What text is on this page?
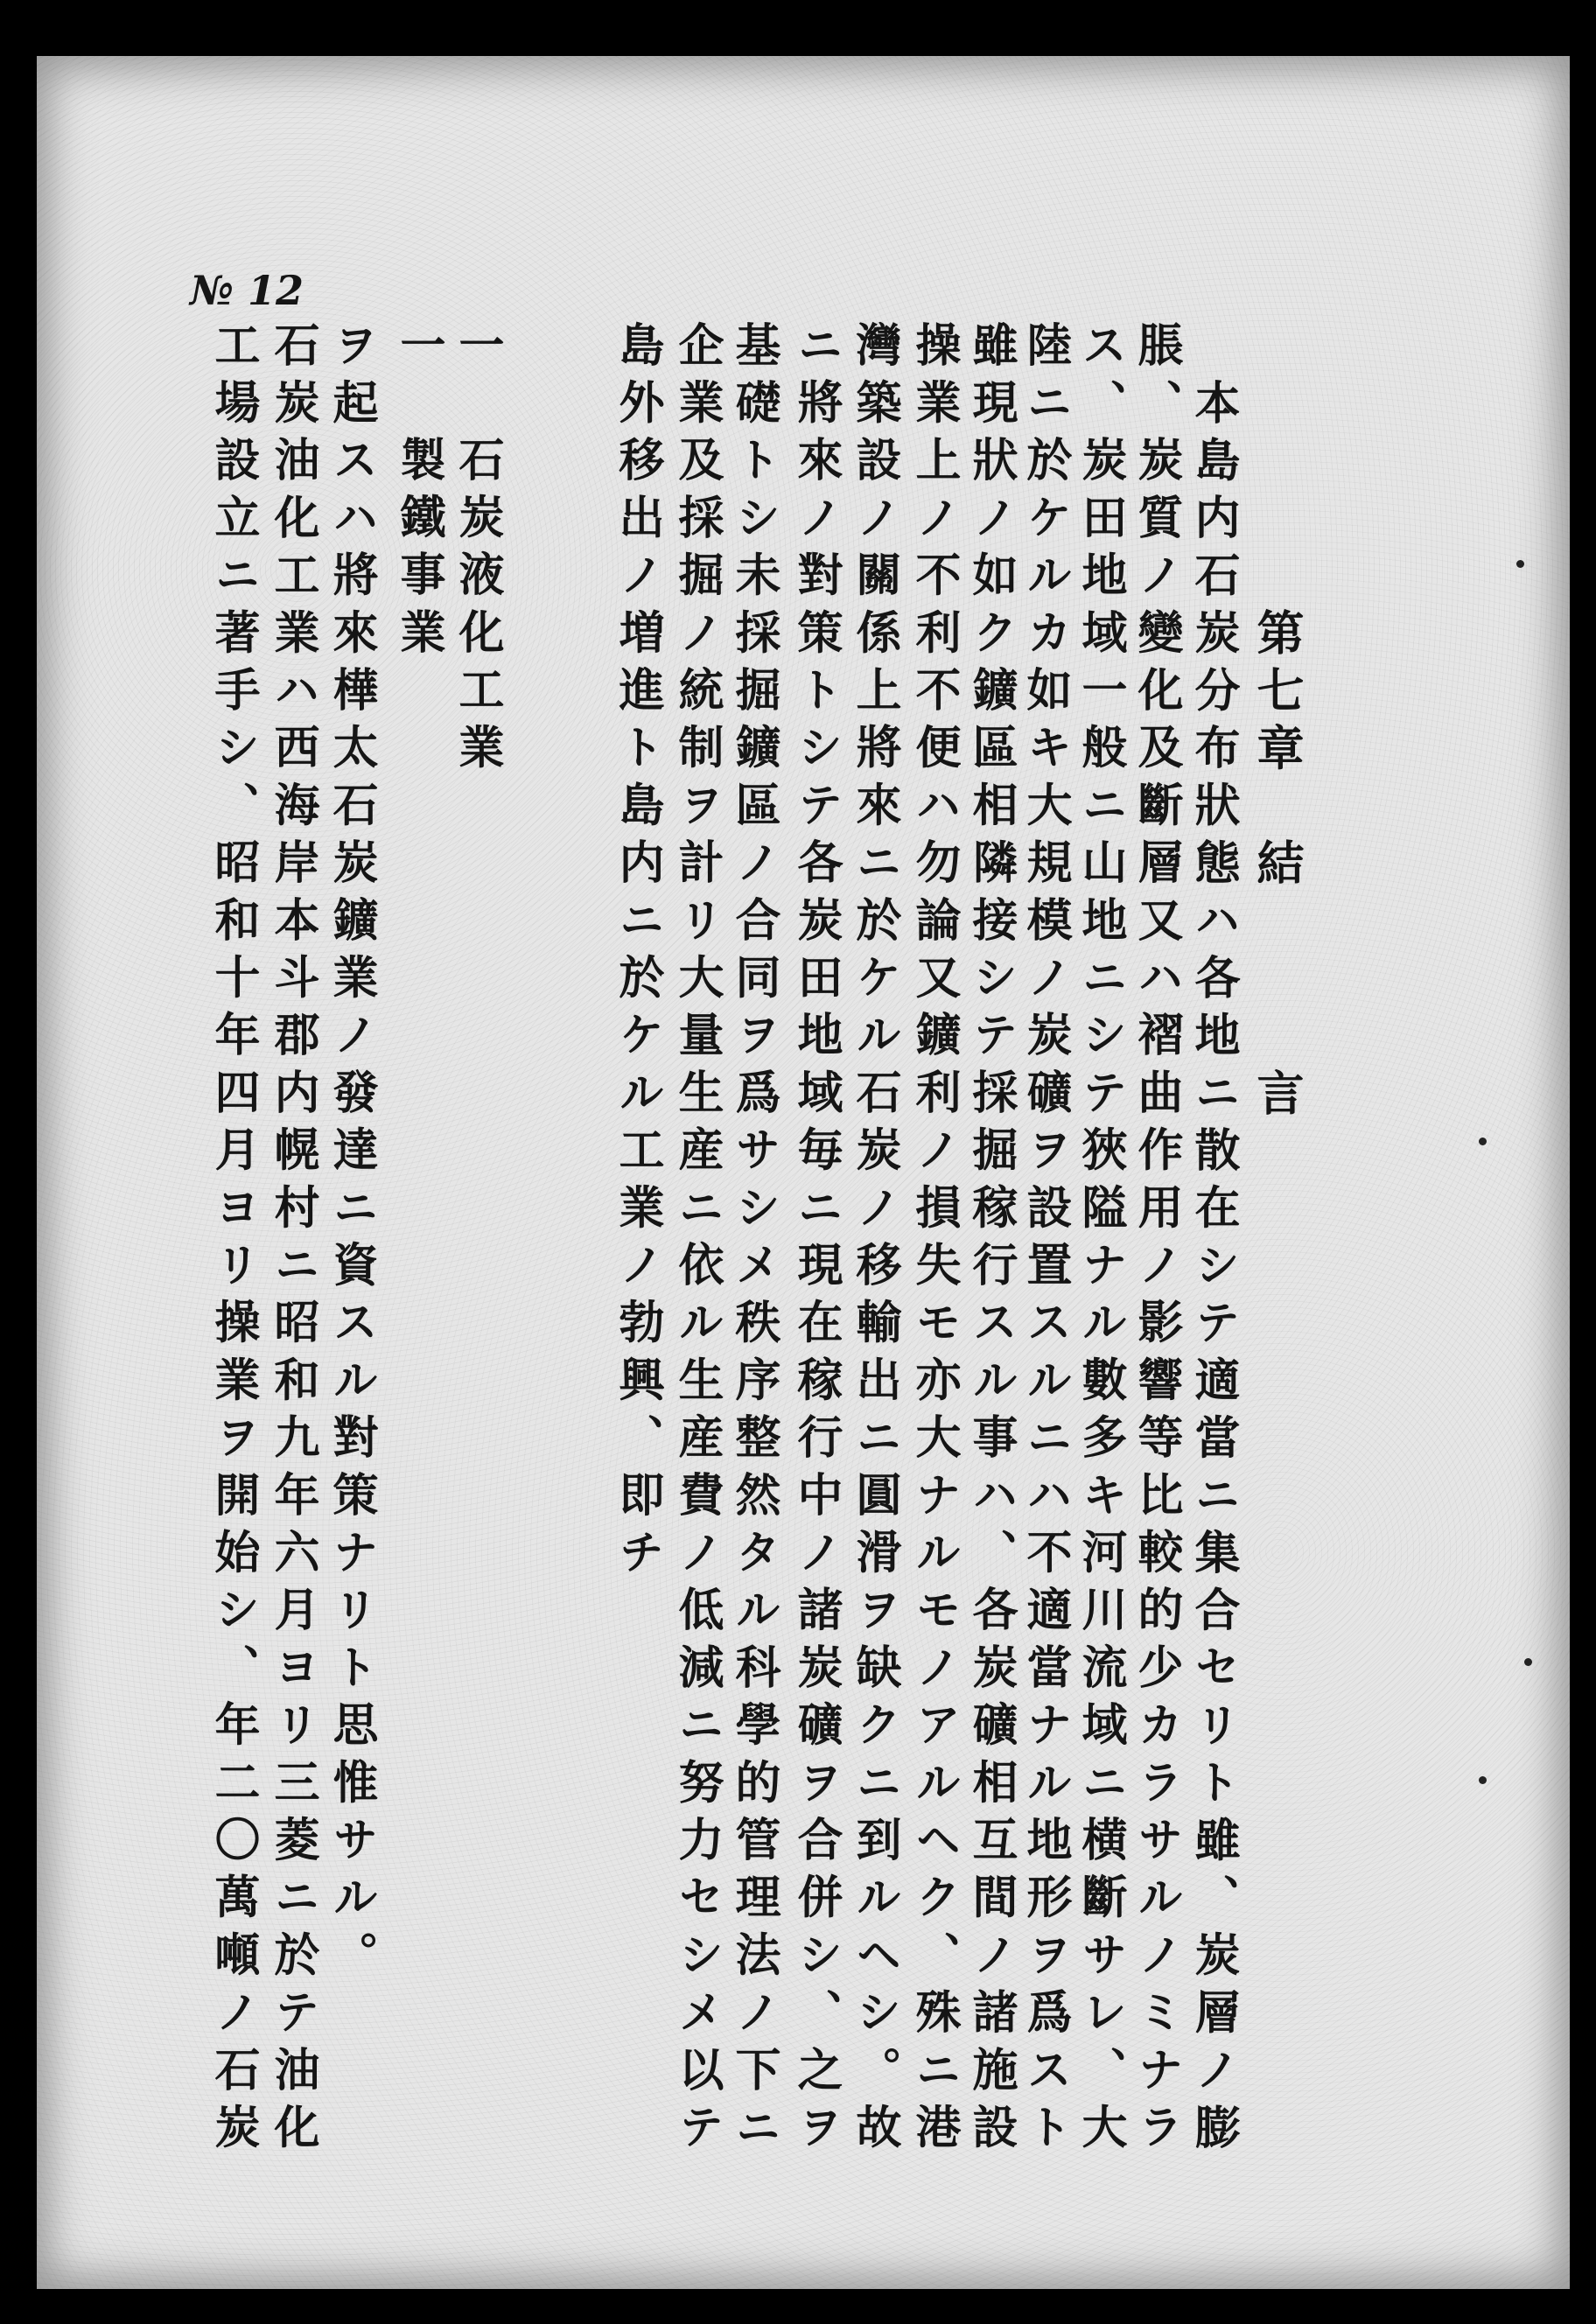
№ 12
第七章
結
言
本島内石炭分布狀態ハ各地ニ散在シテ適當ニ集合セリト雖、炭層ノ膨
脹、炭質ノ變化及斷層又ハ褶曲作用ノ影響等比較的少カラサルノミナラ
ス、炭田地域一般ニ山地ニシテ狹隘ナル數多キ河川流域ニ横斷サレ、大
陸ニ於ケルカ如キ大規模ノ炭礦ヲ設置スルニハ不適當ナル地形ヲ爲スト
雖現狀ノ如ク鑛區相隣接シテ採掘稼行スル事ハ、各炭礦相互間ノ諸施設
操業上ノ不利不便ハ勿論又鑛利ノ損失モ亦大ナルモノアルヘク、殊ニ港
灣築設ノ關係上將來ニ於ケル石炭ノ移輸出ニ圓滑ヲ缺クニ到ルヘシ。故
ニ將來ノ對策トシテ各炭田地域毎ニ現在稼行中ノ諸炭礦ヲ合併シ、之ヲ
基礎トシ未採掘鑛區ノ合同ヲ爲サシメ秩序整然タル科學的管理法ノ下ニ
企業及採掘ノ統制ヲ計リ大量生産ニ依ル生産費ノ低減ニ努力セシメ以テ
島外移出ノ増進ト島内ニ於ケル工業ノ勃興、即チ
一
石炭液化工業
一
製鐵事業
ヲ起スハ將來樺太石炭鑛業ノ發達ニ資スル對策ナリト思惟サル。
石炭油化工業ハ西海岸本斗郡内幌村ニ昭和九年六月ヨリ三菱ニ於テ油化
工場設立ニ著手シ、昭和十年四月ヨリ操業ヲ開始シ、年二〇萬噸ノ石炭
